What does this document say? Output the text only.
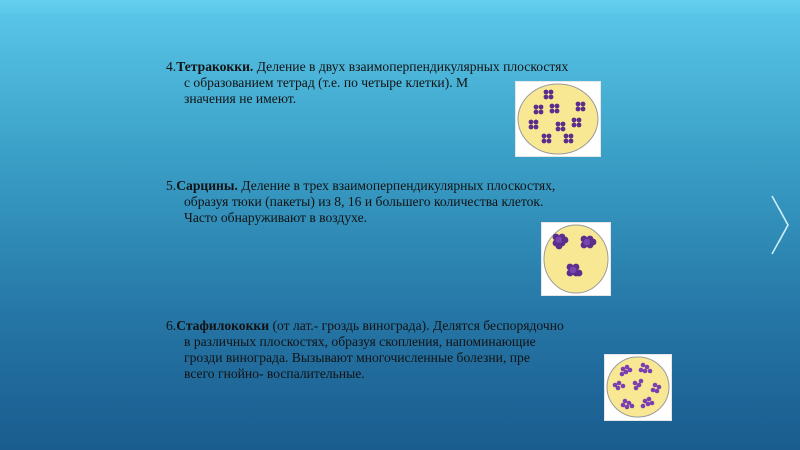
4.Тетракокки. Деление в двух взаимоперпендикулярных плоскостях
с образованием тетрад (т.е. по четыре клетки). М
значения не имеют.
5.Сарцины. Деление в трех взаимоперпендикулярных плоскостях,
образуя тюки (пакеты) из 8, 16 и большего количества клеток.
Часто обнаруживают в воздухе.
6.Стафилококки (от лат.- гроздь винограда). Делятся беспорядочно
в различных плоскостях, образуя скопления, напоминающие
грозди винограда. Вызывают многочисленные болезни, пре
всего гнойно- воспалительные.
